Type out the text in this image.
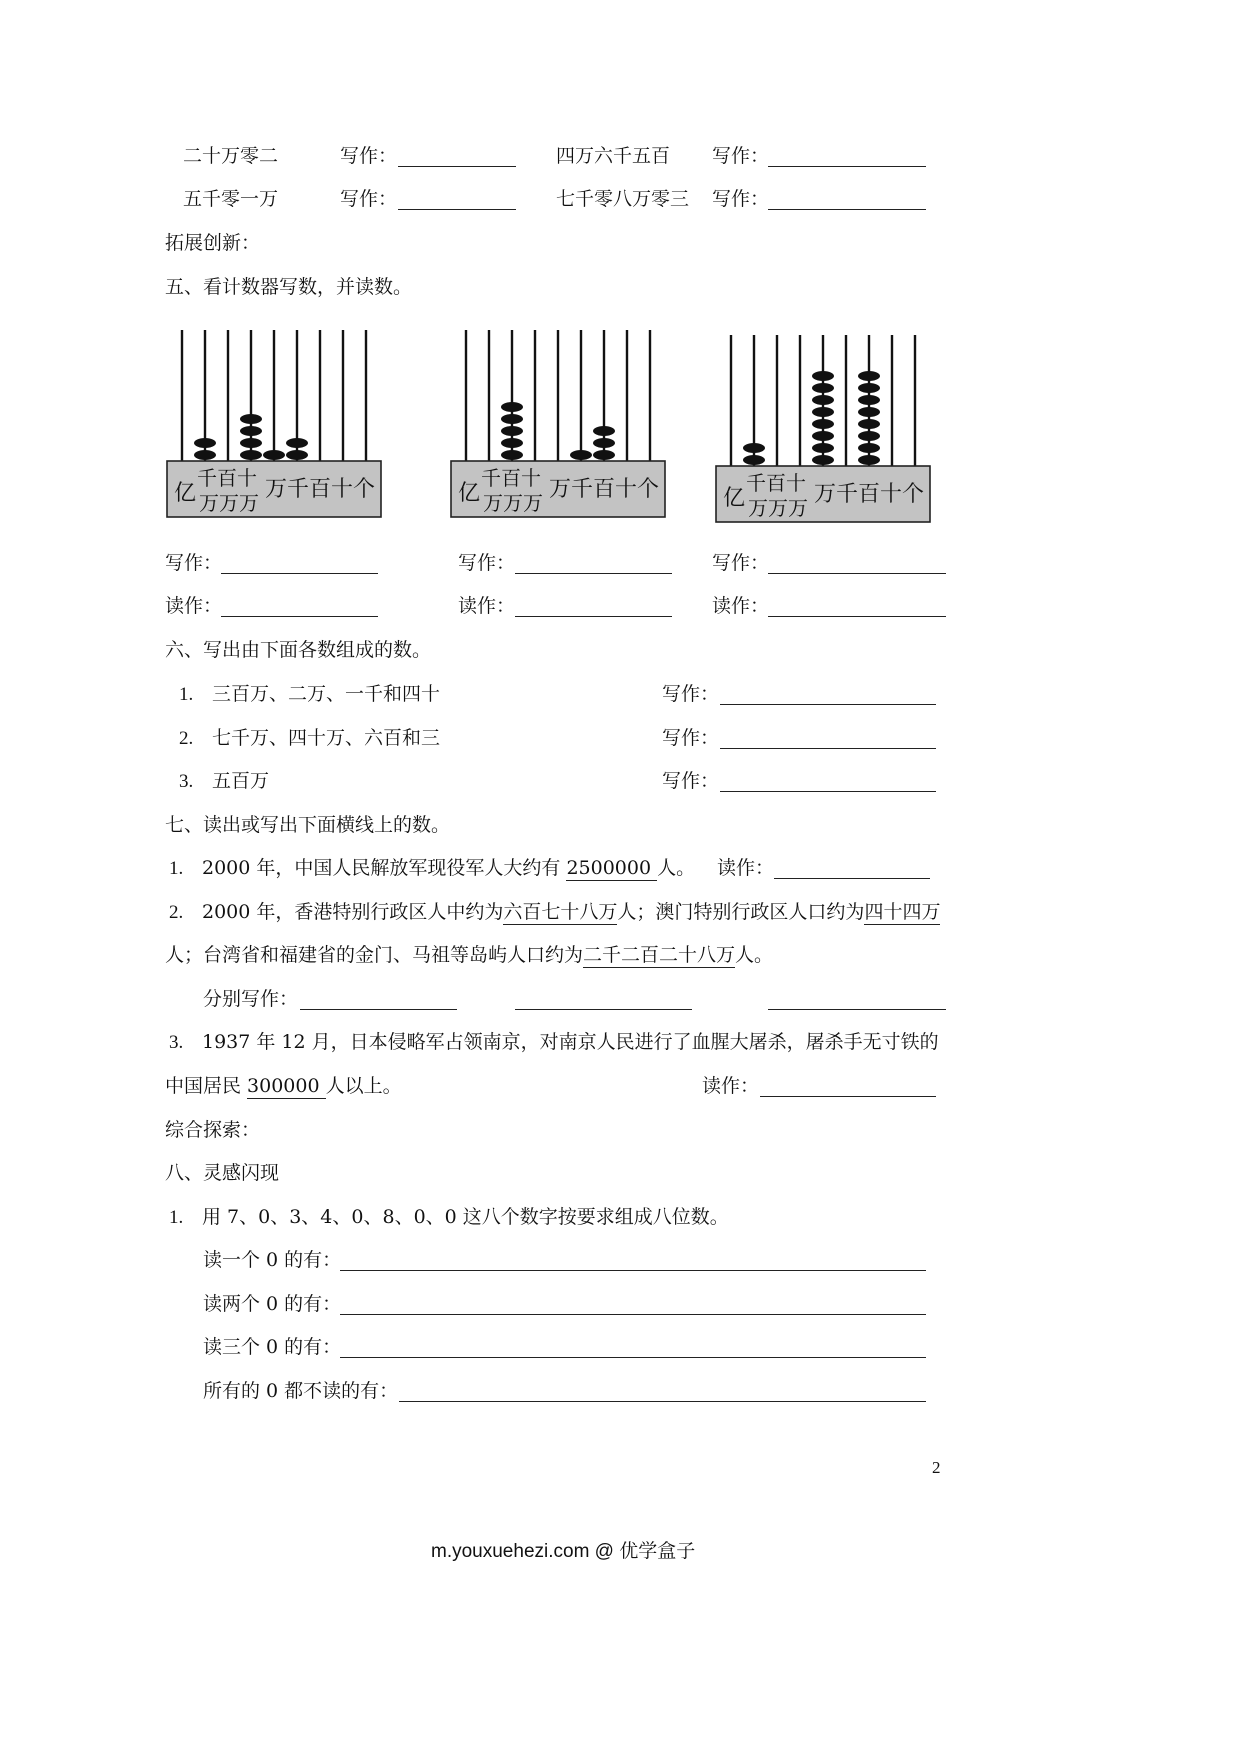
二十万零二	写作：	四万六千五百 写作：
五千零一万	写作：	七千零八万零三 写作：
拓展创新：
五、看计数器写数，并读数。
亿
千百十
万万万
万千百十个	亿
千百十
万万万
万千百十个	亿
千百十
万万万
万千百十个
写作：	写作：	写作：
读作：	读作：	读作：
六、写出由下面各数组成的数。
1. 三百万、二万、一千和四十	写作：
2. 七千万、四十万、六百和三	写作：
3. 五百万	写作：
七、读出或写出下面横线上的数。
1. 2000 年，中国人民解放军现役军人大约有 2500000 人。 读作：
2. 2000 年，香港特别行政区人中约为六百七十八万人；澳门特别行政区人口约为四十四万
人；台湾省和福建省的金门、马祖等岛屿人口约为二千二百二十八万人。
分别写作：
3. 1937 年 12 月，日本侵略军占领南京，对南京人民进行了血腥大屠杀，屠杀手无寸铁的
中国居民 300000 人以上。	读作：
综合探索：
八、灵感闪现
1. 用 7、0、3、4、0、8、0、0 这八个数字按要求组成八位数。
读一个 0 的有：
读两个 0 的有：
读三个 0 的有：
所有的 0 都不读的有：
2
m.youxuehezi.com @ 优学盒子
